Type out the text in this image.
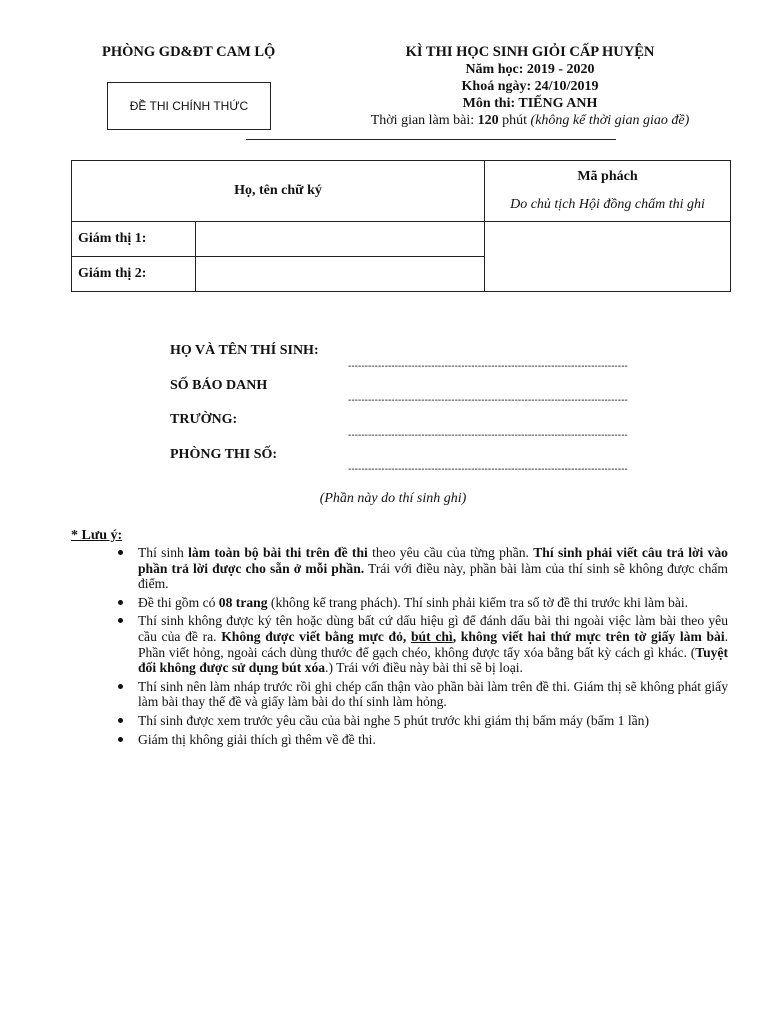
PHÒNG GD&ĐT CAM LỘ
ĐỀ THI CHÍNH THỨC
KÌ THI HỌC SINH GIỎI CẤP HUYỆN
Năm học: 2019 - 2020
Khoá ngày: 24/10/2019
Môn thi: TIẾNG ANH
Thời gian làm bài: 120 phút (không kể thời gian giao đề)
Họ, tên chữ ký		Mã phách
Do chủ tịch Hội đồng chấm thi ghi

Giám thị 1:		
Giám thị 2:		
HỌ VÀ TÊN THÍ SINH:
------------------------------------------------------------------------------------
SỐ BÁO DANH
------------------------------------------------------------------------------------
TRƯỜNG:
------------------------------------------------------------------------------------
PHÒNG THI SỐ:
------------------------------------------------------------------------------------
(Phần này do thí sinh ghi)
* Lưu ý:
Thí sinh làm toàn bộ bài thi trên đề thi theo yêu cầu của từng phần. Thí sinh phải viết câu trả lời vào phần trả lời được cho sẵn ở mỗi phần. Trái với điều này, phần bài làm của thí sinh sẽ không được chấm điểm.
Đề thi gồm có 08 trang (không kể trang phách). Thí sinh phải kiểm tra số tờ đề thi trước khi làm bài.
Thí sinh không được ký tên hoặc dùng bất cứ dấu hiệu gì để đánh dấu bài thi ngoài việc làm bài theo yêu cầu của đề ra. Không được viết bằng mực đỏ, bút chì, không viết hai thứ mực trên tờ giấy làm bài. Phần viết hỏng, ngoài cách dùng thước để gạch chéo, không được tẩy xóa bằng bất kỳ cách gì khác. (Tuyệt đối không được sử dụng bút xóa.) Trái với điều này bài thi sẽ bị loại.
Thí sinh nên làm nháp trước rồi ghi chép cẩn thận vào phần bài làm trên đề thi. Giám thị sẽ không phát giấy làm bài thay thế đề và giấy làm bài do thí sinh làm hỏng.
Thí sinh được xem trước yêu cầu của bài nghe 5 phút trước khi giám thị bấm máy (bấm 1 lần)
Giám thị không giải thích gì thêm về đề thi.
